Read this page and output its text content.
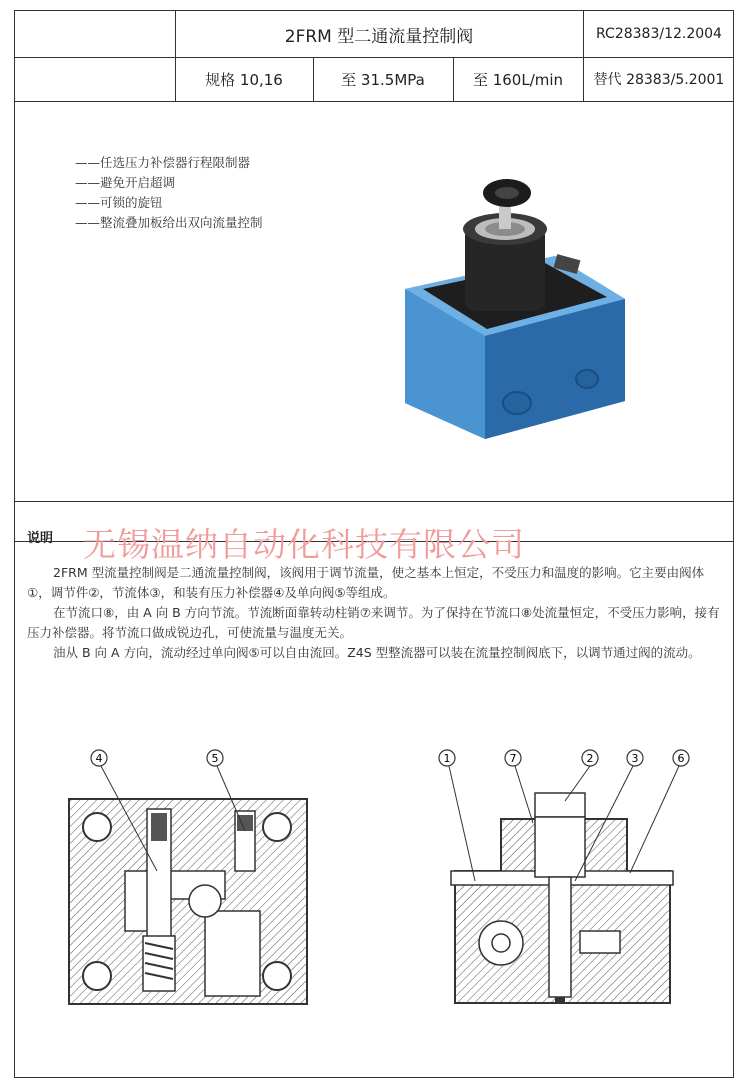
2FRM 型二通流量控制阀	RC28383/12.2004
规格 10,16	至 31.5MPa	至 160L/min	替代 28383/5.2001
——任选压力补偿器行程限制器
——避免开启超调
——可锁的旋钮
——整流叠加板给出双向流量控制
说明 无锡温纳自动化科技有限公司

2FRM 型流量控制阀是二通流量控制阀，该阀用于调节流量，使之基本上恒定，不受压力和温度的影响。它主要由阀体①，调节件②，节流体③，和装有压力补偿器④及单向阀⑤等组成。

在节流口⑧，由 A 向 B 方向节流。节流断面靠转动柱销⑦来调节。为了保持在节流口⑧处流量恒定，不受压力影响，接有压力补偿器。将节流口做成锐边孔，可使流量与温度无关。

油从 B 向 A 方向，流动经过单向阀⑤可以自由流回。Z4S 型整流器可以装在流量控制阀底下，以调节通过阀的流动。

4	5	1	7	2	3	6
